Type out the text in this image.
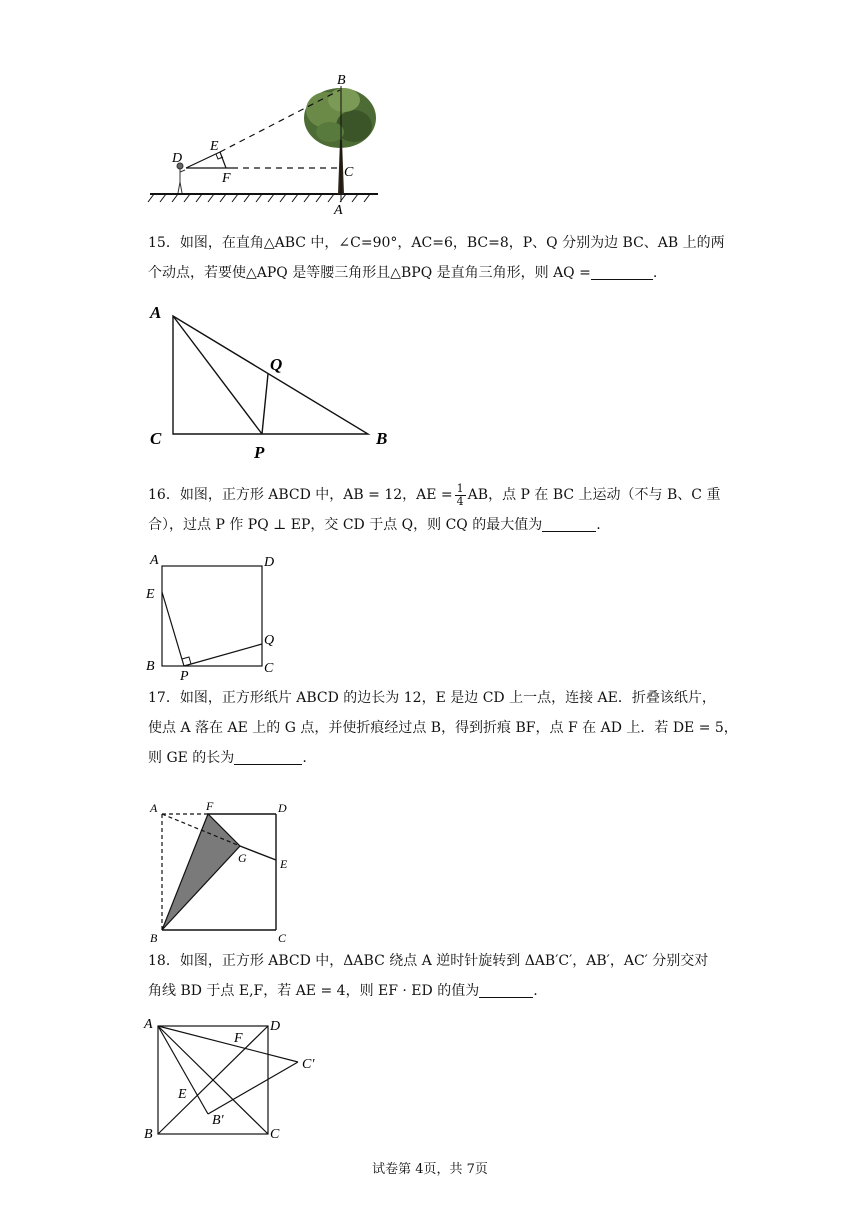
B
E
D
F	C
A
15．如图，在直角△ABC 中，∠C=90°，AC=6，BC=8，P、Q 分别为边 BC、AB 上的两
个动点，若要使△APQ 是等腰三角形且△BPQ 是直角三角形，则 AQ =	.
A
Q
C
P
B
16．如图，正方形 ABCD 中，AB = 12，AE = $\frac{1}{4}$ AB，点 P 在 BC 上运动（不与 B、C 重
合），过点 P 作 PQ ⊥ EP，交 CD 于点 Q，则 CQ 的最大值为	.
A	D
E
Q
B
P
C
17．如图，正方形纸片 ABCD 的边长为 12，E 是边 CD 上一点，连接 AE．折叠该纸片，
使点 A 落在 AE 上的 G 点，并使折痕经过点 B，得到折痕 BF，点 F 在 AD 上．若 DE = 5，
则 GE 的长为	.
A	F	D
G	E
B	C
18．如图，正方形 ABCD 中，ΔABC 绕点 A 逆时针旋转到 ΔAB′C′，AB′，AC′ 分别交对
角线 BD 于点 E,F，若 AE = 4，则 EF · ED 的值为	.
A	D
F
C′
E
B′
B	C
试卷第 4页，共 7页
